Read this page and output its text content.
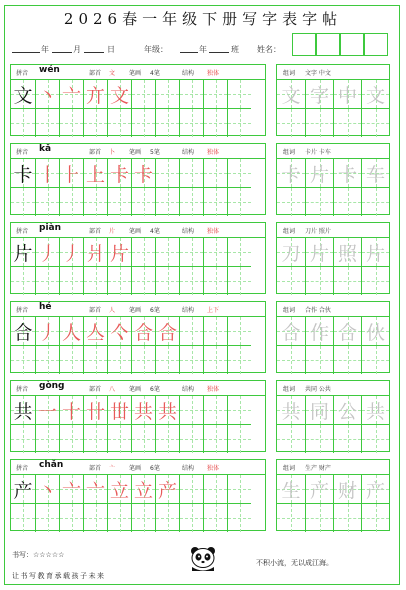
2026春一年级下册写字表字帖
年	月	日	年级：	年	班 姓名：
拼音 wén	部首 文 笔画 4笔	结构 独体
文 丶 亠 亣 文
组词 文字 中文
文 字 中 文
拼音 kǎ	部首 卜 笔画 5笔	结构 独体
卡 丨 ⺊ 上 卡 卡
组词 卡片 卡车
卡 片 卡 车
拼音 piàn	部首 片 笔画 4笔	结构 独体
片 丿 丿 爿 片
组词 刀片 照片
刀 片 照 片
拼音 hé	部首 人 笔画 6笔	结构 上下
合 丿 人 亼 亽 合 合
组词 合作 合伙
合 作 合 伙
拼音 gòng	部首 八 笔画 6笔	结构 独体
共 一 十 卄 丗 共 共
组词 共同 公共
共 同 公 共
拼音 chǎn	部首 亠 笔画 6笔	结构 独体
产 丶 亠 亠 立 立 产
组词 生产 财产
生 产 财 产
书写：☆☆☆☆☆
让书写教育承载孩子未来
不积小流，无以成江海。
